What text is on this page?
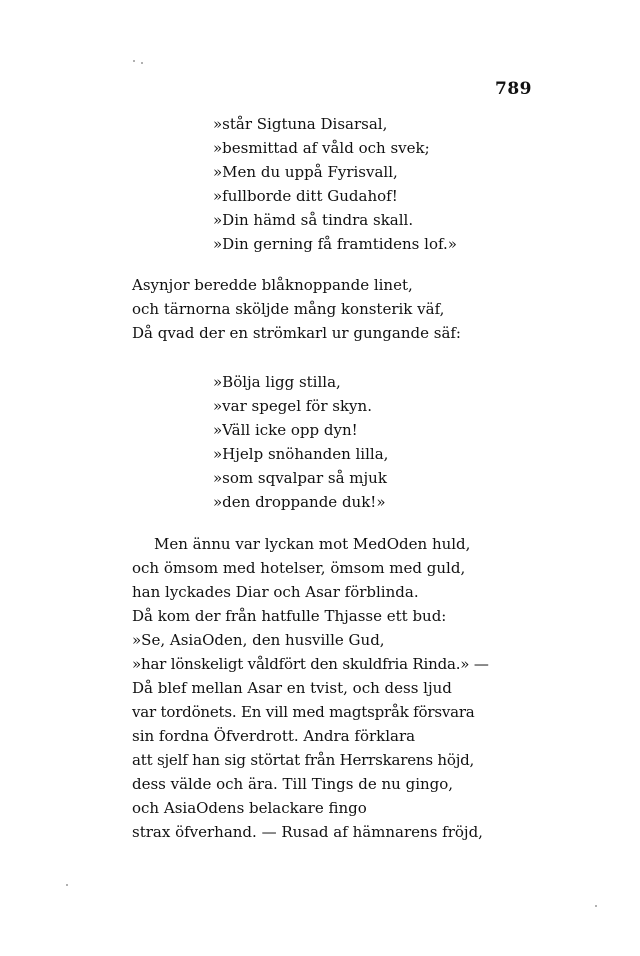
789
»står Sigtuna Disarsal,
»besmittad af våld och svek;
»Men du uppå Fyrisvall,
»fullborde ditt Gudahof!
»Din hämd så tindra skall.
»Din gerning få framtidens lof.»
Asynjor beredde blåknoppande linet,
och tärnorna sköljde mång konsterik väf,
Då qvad der en strömkarl ur gungande säf:
»Bölja ligg stilla,
»var spegel för skyn.
»Väll icke opp dyn!
»Hjelp snöhanden lilla,
»som sqvalpar så mjuk
»den droppande duk!»
Men ännu var lyckan mot MedOden huld,
och ömsom med hotelser, ömsom med guld,
han lyckades Diar och Asar förblinda.
Då kom der från hatfulle Thjasse ett bud:
»Se, AsiaOden, den husville Gud,
»har lönskeligt våldfört den skuldfria Rinda.» —
Då blef mellan Asar en tvist, och dess ljud
var tordönets. En vill med magtspråk försvara
sin fordna Öfverdrott. Andra förklara
att sjelf han sig störtat från Herrskarens höjd,
dess välde och ära. Till Tings de nu gingo,
och AsiaOdens belackare fingo
strax öfverhand. — Rusad af hämnarens fröjd,
